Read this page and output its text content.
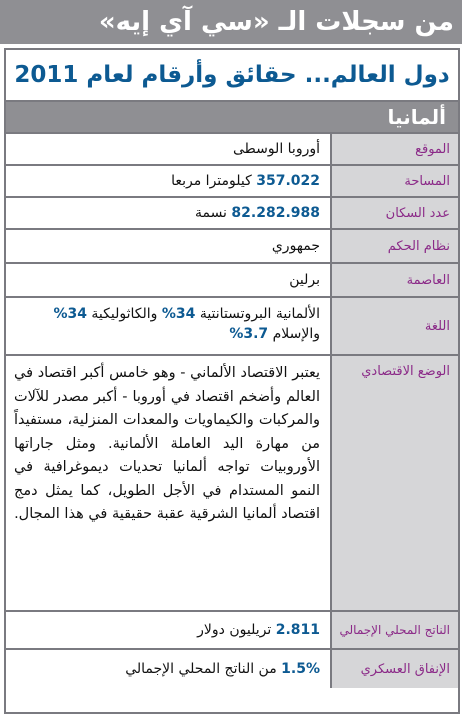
من سجلات الـ «سي آي إيه»
دول العالم... حقائق وأرقام لعام 2011
ألمانيا
الموقع
أوروبا الوسطى
المساحة
357.022

كيلومترا مربعا
عدد السكان
82.282.988

نسمة
نظام الحكم
جمهوري
العاصمة
برلين
اللغة
الألمانية البروتستانتية 34% والكاثوليكية 34% والإسلام 3.7%
الوضع الاقتصادي
يعتبر الاقتصاد الألماني - وهو خامس أكبر اقتصاد في العالم وأضخم اقتصاد في أوروبا - أكبر مصدر للآلات والمركبات والكيماويات والمعدات المنزلية، مستفيداً من مهارة اليد العاملة الألمانية. ومثل جاراتها الأوروبيات تواجه ألمانيا تحديات ديموغرافية في النمو المستدام في الأجل الطويل، كما يمثل دمج اقتصاد ألمانيا الشرقية عقبة حقيقية في هذا المجال.
الناتج المحلي الإجمالي
2.811

تريليون دولار
الإنفاق العسكري
1.5%

من الناتج المحلي الإجمالي
